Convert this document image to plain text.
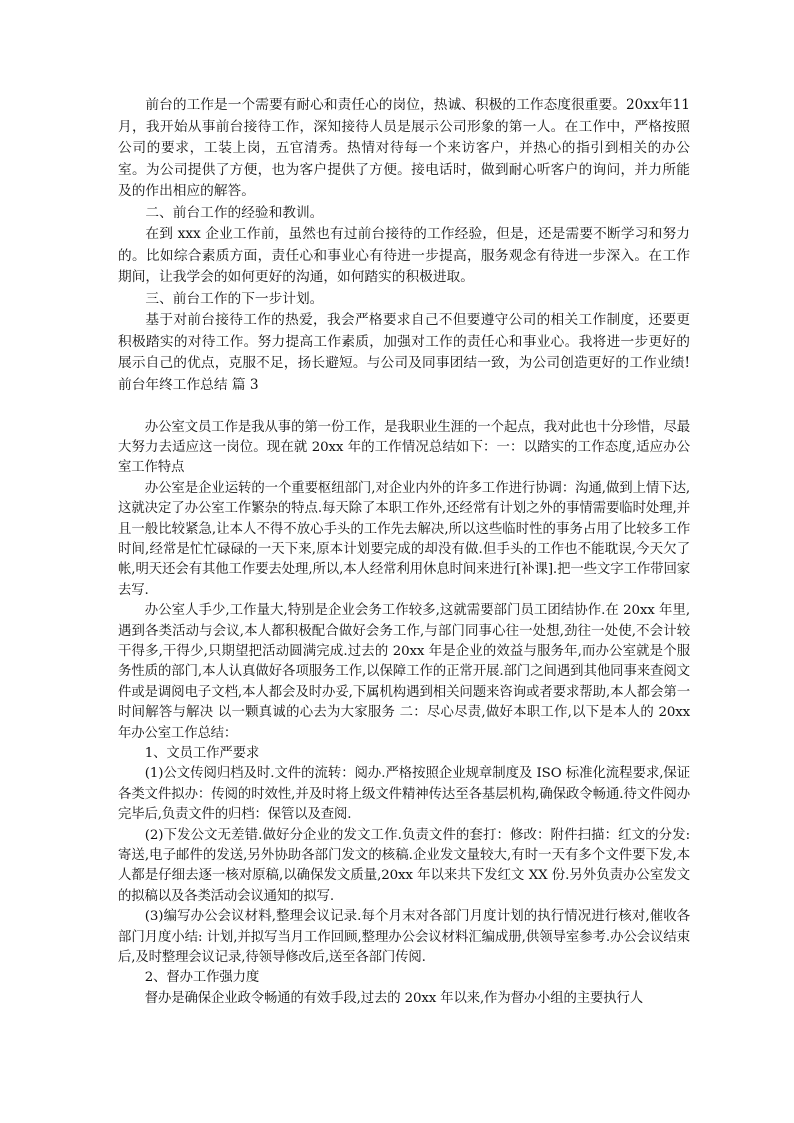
前台的工作是一个需要有耐心和责任心的岗位，热诚、积极的工作态度很重要。20xx年11月，我开始从事前台接待工作，深知接待人员是展示公司形象的第一人。在工作中，严格按照公司的要求，工装上岗，五官清秀。热情对待每一个来访客户，并热心的指引到相关的办公室。为公司提供了方便，也为客户提供了方便。接电话时，做到耐心听客户的询问，并力所能及的作出相应的解答。

二、前台工作的经验和教训。

在到 xxx 企业工作前，虽然也有过前台接待的工作经验，但是，还是需要不断学习和努力的。比如综合素质方面，责任心和事业心有待进一步提高，服务观念有待进一步深入。在工作期间，让我学会的如何更好的沟通，如何踏实的积极进取。

三、前台工作的下一步计划。

基于对前台接待工作的热爱，我会严格要求自己不但要遵守公司的相关工作制度，还要更积极踏实的对待工作。努力提高工作素质，加强对工作的责任心和事业心。我将进一步更好的展示自己的优点，克服不足，扬长避短。与公司及同事团结一致，为公司创造更好的工作业绩!前台年终工作总结 篇 3

办公室文员工作是我从事的第一份工作，是我职业生涯的一个起点，我对此也十分珍惜，尽最大努力去适应这一岗位。现在就 20xx 年的工作情况总结如下：一：以踏实的工作态度,适应办公室工作特点

办公室是企业运转的一个重要枢纽部门,对企业内外的许多工作进行协调：沟通,做到上情下达,这就决定了办公室工作繁杂的特点.每天除了本职工作外,还经常有计划之外的事情需要临时处理,并且一般比较紧急,让本人不得不放心手头的工作先去解决,所以这些临时性的事务占用了比较多工作时间,经常是忙忙碌碌的一天下来,原本计划要完成的却没有做.但手头的工作也不能耽误,今天欠了帐,明天还会有其他工作要去处理,所以,本人经常利用休息时间来进行[补课].把一些文字工作带回家去写.

办公室人手少,工作量大,特别是企业会务工作较多,这就需要部门员工团结协作.在 20xx 年里,遇到各类活动与会议,本人都积极配合做好会务工作,与部门同事心往一处想,劲往一处使,不会计较干得多,干得少,只期望把活动圆满完成.过去的 20xx 年是企业的效益与服务年,而办公室就是个服务性质的部门,本人认真做好各项服务工作,以保障工作的正常开展.部门之间遇到其他同事来查阅文件或是调阅电子文档,本人都会及时办妥,下属机构遇到相关问题来咨询或者要求帮助,本人都会第一时间解答与解决 以一颗真诚的心去为大家服务 二：尽心尽责,做好本职工作,以下是本人的 20xx 年办公室工作总结：

1、文员工作严要求

(1)公文传阅归档及时.文件的流转：阅办.严格按照企业规章制度及 ISO 标准化流程要求,保证各类文件拟办：传阅的时效性,并及时将上级文件精神传达至各基层机构,确保政令畅通.待文件阅办完毕后,负责文件的归档：保管以及查阅.

(2)下发公文无差错.做好分企业的发文工作.负责文件的套打：修改：附件扫描：红文的分发: 寄送,电子邮件的发送,另外协助各部门发文的核稿.企业发文量较大,有时一天有多个文件要下发,本人都是仔细去逐一核对原稿,以确保发文质量,20xx 年以来共下发红文 XX 份.另外负责办公室发文的拟稿以及各类活动会议通知的拟写.

(3)编写办公会议材料,整理会议记录.每个月末对各部门月度计划的执行情况进行核对,催收各部门月度小结: 计划,并拟写当月工作回顾,整理办公会议材料汇编成册,供领导室参考.办公会议结束后,及时整理会议记录,待领导修改后,送至各部门传阅.

2、督办工作强力度

督办是确保企业政令畅通的有效手段,过去的 20xx 年以来,作为督办小组的主要执行人
